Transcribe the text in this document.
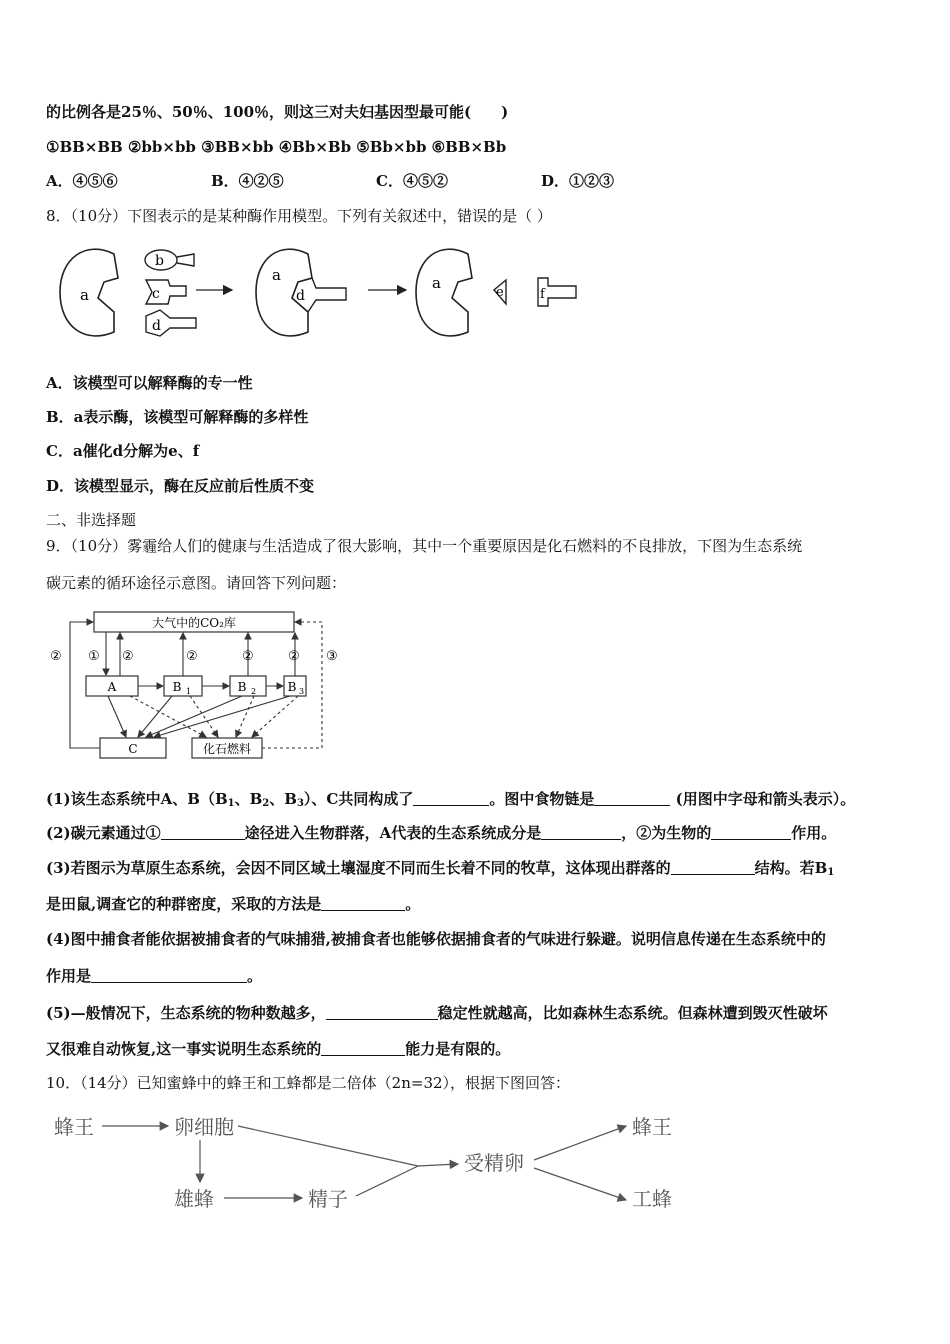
的比例各是25％、50％、100％，则这三对夫妇基因型最可能(　　)
①BB×BB ②bb×bb ③BB×bb ④Bb×Bb ⑤Bb×bb ⑥BB×Bb
A．④⑤⑥	B．④②⑤	C．④⑤②	D．①②③
8．（10分）下图表示的是某种酶作用模型。下列有关叙述中，错误的是（ ）
a
b
c
d
a
d
a
e	f
A．该模型可以解释酶的专一性
B．a表示酶，该模型可解释酶的多样性
C．a催化d分解为e、f
D．该模型显示，酶在反应前后性质不变
二、非选择题
9．（10分）雾霾给人们的健康与生活造成了很大影响，其中一个重要原因是化石燃料的不良排放，下图为生态系统
碳元素的循环途径示意图。请回答下列问题：
大气中的CO₂库
A	B 1	B 2	B 3
C	化石燃料
① ②	②	②	②
②	③
(1)该生态系统中A、$B(B_1$、$B_2$、$B_3$）、C共同构成了	。图中食物链是	(用图中字母和箭头表示）。
(2)碳元素通过①	途径进入生物群落，A代表的生态系统成分是	，②为生物的	作用。
(3)若图示为草原生态系统，会因不同区域土壤湿度不同而生长着不同的牧草，这体现出群落的	结构。若$B_1$
是田鼠,调查它的种群密度，采取的方法是	。
(4)图中捕食者能依据被捕食者的气味捕猎,被捕食者也能够依据捕食者的气味进行躲避。说明信息传递在生态系统中的
作用是	。
(5)—般情况下，生态系统的物种数越多，	稳定性就越高，比如森林生态系统。但森林遭到毁灭性破坏
又很难自动恢复,这一事实说明生态系统的	能力是有限的。
10．（14分）已知蜜蜂中的蜂王和工蜂都是二倍体（2n=32），根据下图回答：
蜂王	卵细胞
雄蜂	精子
受精卵
蜂王
工蜂
